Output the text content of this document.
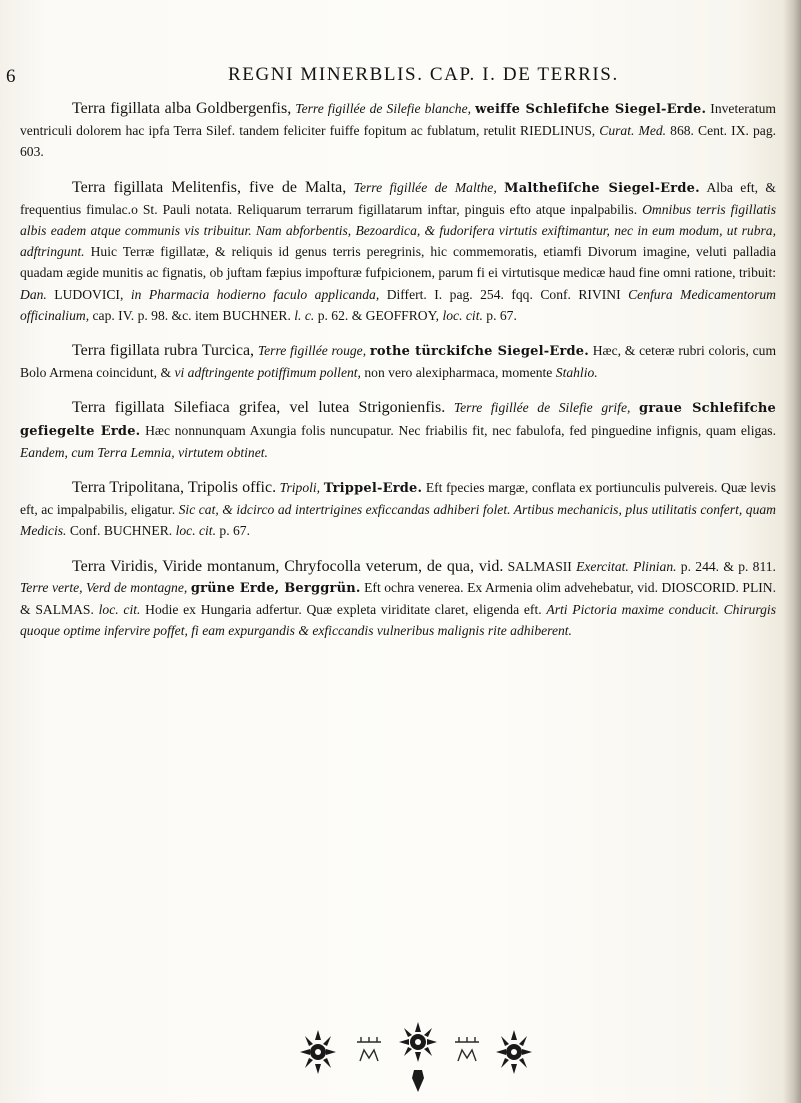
6	REGNI MINERBLIS. CAP. I. DE TERRIS.

Terra figillata alba Goldbergenfis, Terre figillée de Silefie blanche, weiffe Schlefifche Siegel-Erde. Inveteratum ventriculi dolorem hac ipfa Terra Silef. tandem feliciter fuiffe fopitum ac fublatum, retulit RIEDLINUS, Curat. Med. 868. Cent. IX. pag. 603.

Terra figillata Melitenfis, five de Malta, Terre figillée de Malthe, Maltheſiſche Siegel-Erde. Alba eft, & frequentius fimulac.o St. Pauli notata. Reliquarum terrarum figillatarum inftar, pinguis efto atque inpalpabilis. Omnibus terris figillatis albis eadem atque communis vis tribuitur. Nam abforbentis, Bezoardica, & fudorifera virtutis exiftimantur, nec in eum modum, ut rubra, adftringunt. Huic Terræ figillatæ, & reliquis id genus terris peregrinis, hic commemoratis, etiamfi Divorum imagine, veluti palladia quadam ægide munitis ac fignatis, ob juftam fæpius impofturæ fufpicionem, parum fi ei virtutisque medicæ haud fine omni ratione, tribuit: Dan. LUDOVICI, in Pharmacia hodierno faculo applicanda, Differt. I. pag. 254. fqq. Conf. RIVINI Cenfura Medicamentorum officinalium, cap. IV. p. 98. &c. item BUCHNER. l. c. p. 62. & GEOFFROY, loc. cit. p. 67.

Terra figillata rubra Turcica, Terre figillée rouge, rothe türckifche Siegel-Erde. Hæc, & ceteræ rubri coloris, cum Bolo Armena coincidunt, & vi adftringente potiffimum pollent, non vero alexipharmaca, momente Stahlio.

Terra figillata Silefiaca grifea, vel lutea Strigonienfis. Terre figillée de Silefie grife, graue Schlefifche gefiegelte Erde. Hæc nonnunquam Axungia folis nuncupatur. Nec friabilis fit, nec fabulofa, fed pinguedine infignis, quam eligas. Eandem, cum Terra Lemnia, virtutem obtinet.

Terra Tripolitana, Tripolis offic. Tripoli, Trippel-Erde. Eft fpecies margæ, conflata ex portiunculis pulvereis. Quæ levis eft, ac impalpabilis, eligatur. Sic cat, & idcirco ad intertrigines exficcandas adhiberi folet. Artibus mechanicis, plus utilitatis confert, quam Medicis. Conf. BUCHNER. loc. cit. p. 67.

Terra Viridis, Viride montanum, Chryfocolla veterum, de qua, vid. SALMASII Exercitat. Plinian. p. 244. & p. 811. Terre verte, Verd de montagne, grüne Erde, Berggrün. Eft ochra venerea. Ex Armenia olim advehebatur, vid. DIOSCORID. PLIN. & SALMAS. loc. cit. Hodie ex Hungaria adfertur. Quæ expleta viriditate claret, eligenda eft. Arti Pictoria maxime conducit. Chirurgis quoque optime infervire poffet, fi eam expurgandis & exficcandis vulneribus malignis rite adhiberent.
